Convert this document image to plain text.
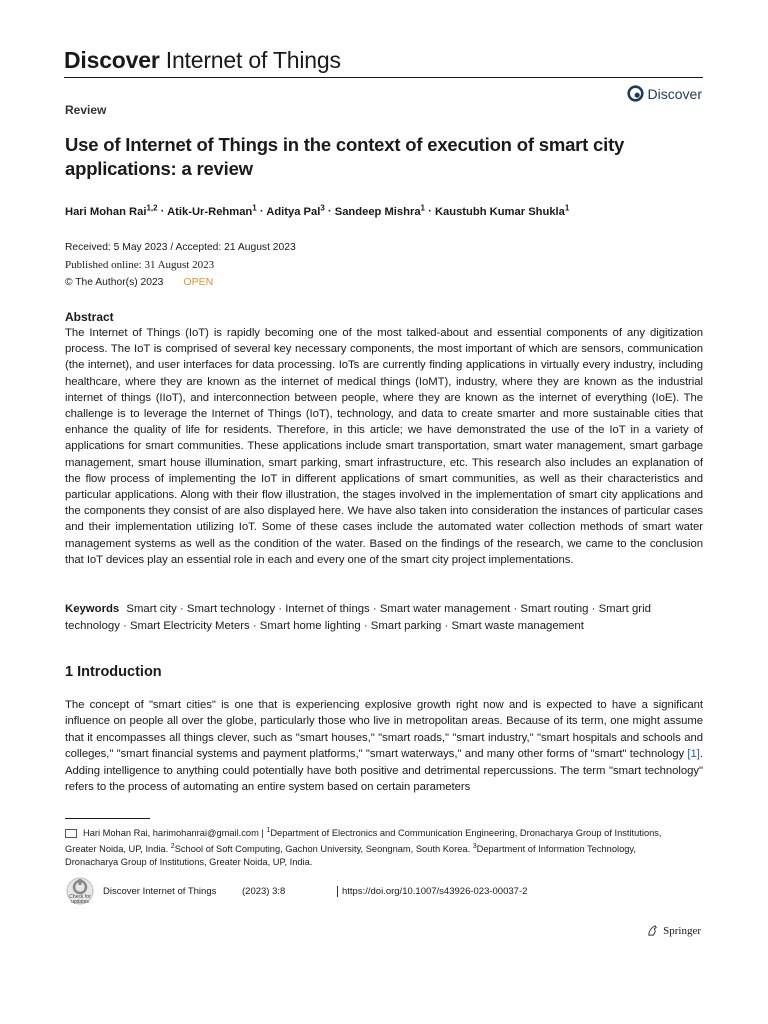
Discover Internet of Things
Discover
Review
Use of Internet of Things in the context of execution of smart city applications: a review
Hari Mohan Rai$^{1,2}$ · Atik-Ur-Rehman$^1$ · Aditya Pal$^3$ · Sandeep Mishra$^1$ · Kaustubh Kumar Shukla$^1$
Received: 5 May 2023 / Accepted: 21 August 2023
Published online: 31 August 2023
© The Author(s) 2023 OPEN
Abstract
The Internet of Things (IoT) is rapidly becoming one of the most talked-about and essential components of any digitization process. The IoT is comprised of several key necessary components, the most important of which are sensors, communication (the internet), and user interfaces for data processing. IoTs are currently finding applications in virtually every industry, including healthcare, where they are known as the internet of medical things (IoMT), industry, where they are known as the industrial internet of things (IIoT), and interconnection between people, where they are known as the internet of everything (IoE). The challenge is to leverage the Internet of Things (IoT), technology, and data to create smarter and more sustainable cities that enhance the quality of life for residents. Therefore, in this article; we have demonstrated the use of the IoT in a variety of applications for smart communities. These applications include smart transportation, smart water management, smart garbage management, smart house illumination, smart parking, smart infrastructure, etc. This research also includes an explanation of the flow process of implementing the IoT in different applications of smart communities, as well as their characteristics and particular applications. Along with their flow illustration, the stages involved in the implementation of smart city applications and the components they consist of are also displayed here. We have also taken into consideration the instances of particular cases and their implementation utilizing IoT. Some of these cases include the automated water collection methods of smart water management systems as well as the condition of the water. Based on the findings of the research, we came to the conclusion that IoT devices play an essential role in each and every one of the smart city project implementations.
Keywords Smart city · Smart technology · Internet of things · Smart water management · Smart routing · Smart grid technology · Smart Electricity Meters · Smart home lighting · Smart parking · Smart waste management
1 Introduction
The concept of "smart cities" is one that is experiencing explosive growth right now and is expected to have a significant influence on people all over the globe, particularly those who live in metropolitan areas. Because of its term, one might assume that it encompasses all things clever, such as "smart houses," "smart roads," "smart industry," "smart hospitals and schools and colleges," "smart financial systems and payment platforms," "smart waterways," and many other forms of "smart" technology [1]. Adding intelligence to anything could potentially have both positive and detrimental repercussions. The term "smart technology" refers to the process of automating an entire system based on certain parameters
Hari Mohan Rai, harimohanrai@gmail.com | $^1$Department of Electronics and Communication Engineering, Dronacharya Group of Institutions, Greater Noida, UP, India. $^2$School of Soft Computing, Gachon University, Seongnam, South Korea. $^3$Department of Information Technology, Dronacharya Group of Institutions, Greater Noida, UP, India.
Check for updates
Discover Internet of Things	(2023) 3:8	https://doi.org/10.1007/s43926-023-00037-2
Springer
